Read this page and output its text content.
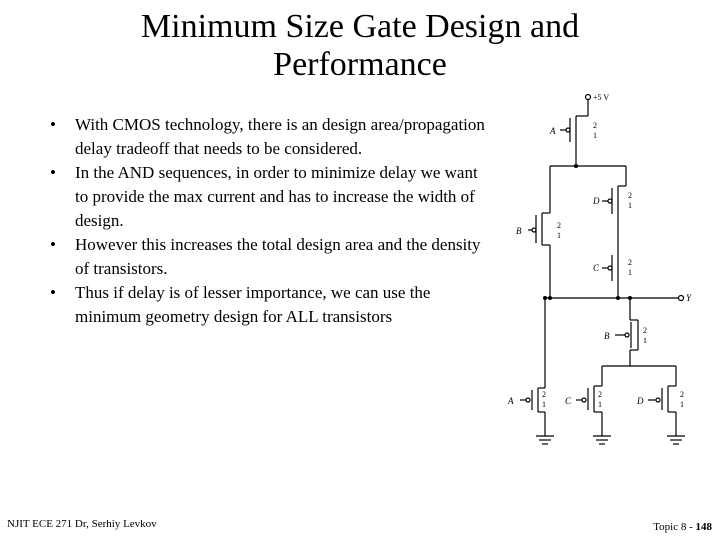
Minimum Size Gate Design and
Performance
• With CMOS technology, there is an design area/propagation delay tradeoff that needs to be considered.
• In the AND sequences, in order to minimize delay we want to provide the max current and has to increase the width of design.
• However this increases the total design area and the density of transistors.
• Thus if delay is of lesser importance, we can use the minimum geometry design for ALL transistors
+5 V
Y
A
D
B
C
B
A	C	D
2
1
2
1
2
1
2
1
2
1
2
1
2
1
2
1
NJIT ECE 271 Dr, Serhiy Levkov	Topic 8 - 148
